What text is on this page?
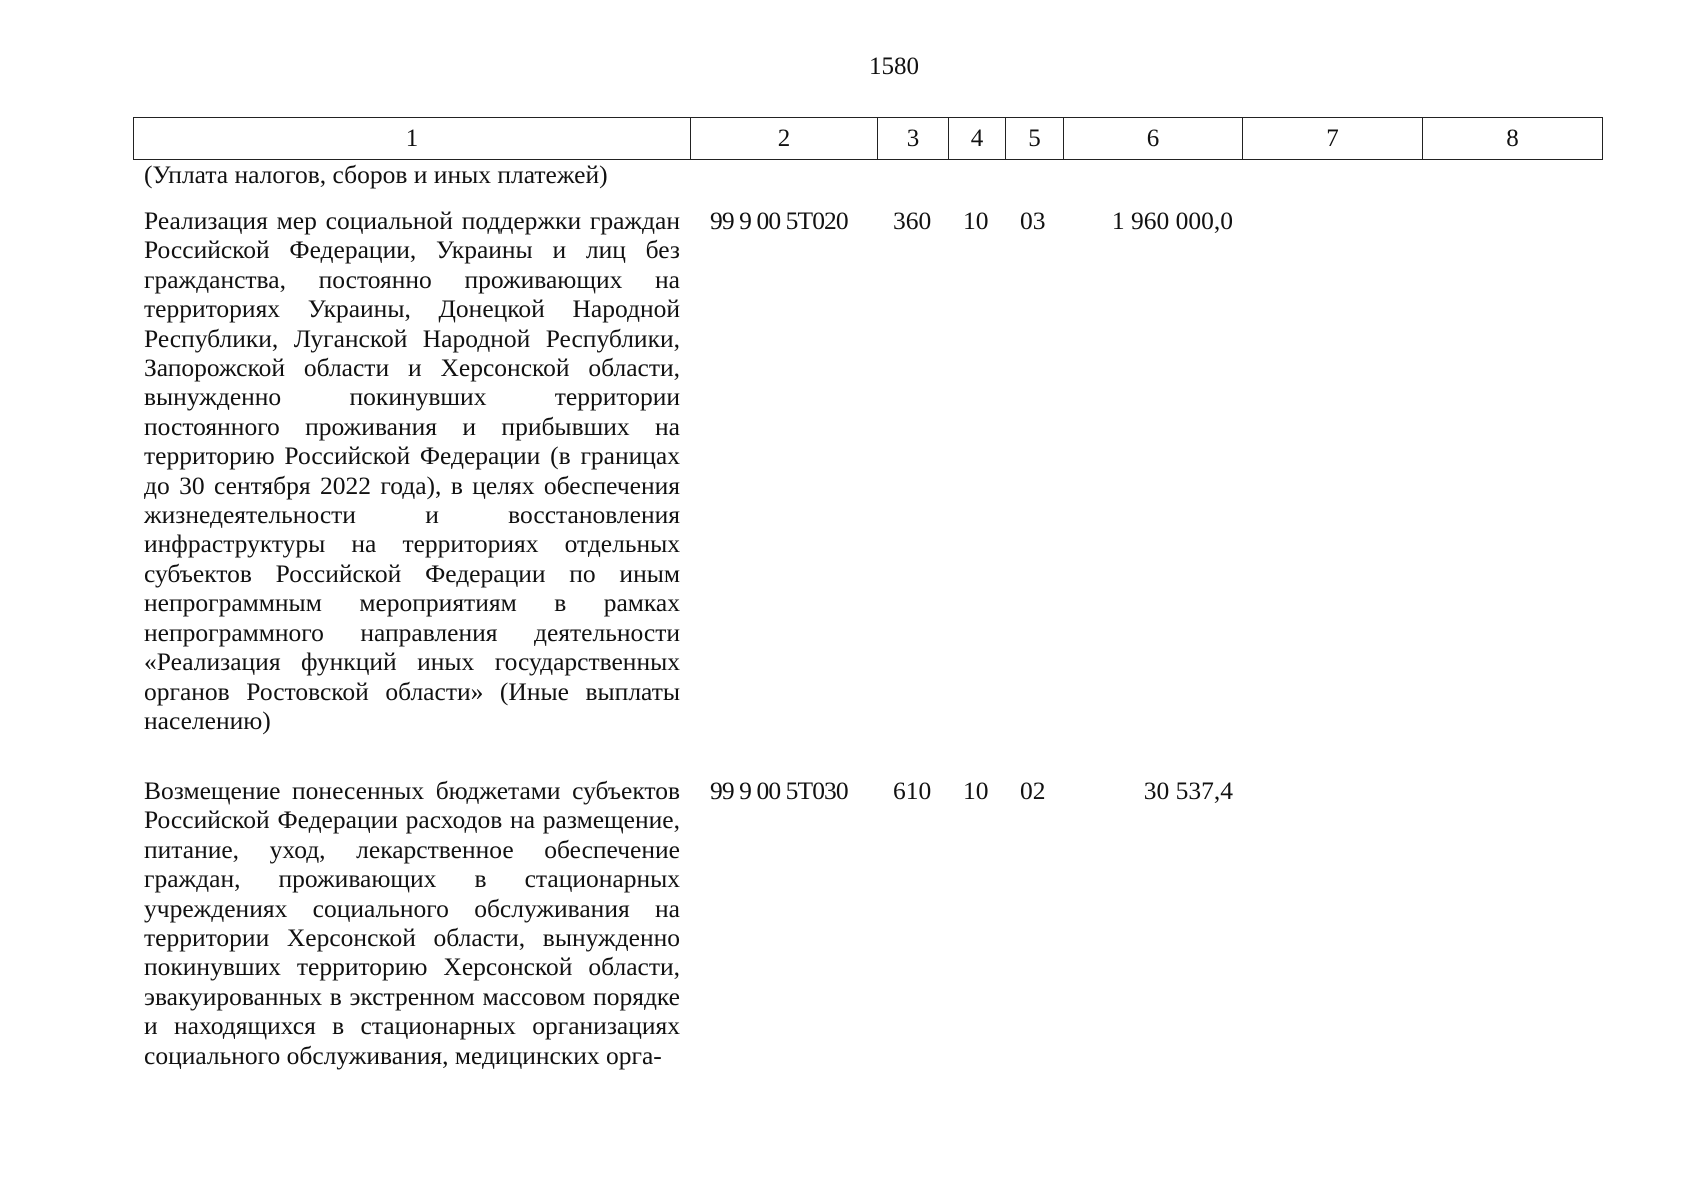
1580
1	2	3	4	5	6	7	8
(Уплата налогов, сборов и иных платежей)
Реализация мер социальной поддержки граждан Российской Федерации, Украины и лиц без гражданства, постоянно проживающих на территориях Украины, Донецкой Народной Республики, Луганской Народной Республики, Запорожской области и Херсонской области, вынужденно покинувших территории постоянного проживания и прибывших на территорию Российской Федерации (в границах до 30 сентября 2022 года), в целях обеспечения жизнедеятельности и восстановления инфраструктуры на территориях отдельных субъектов Российской Федерации по иным непрограммным мероприятиям в рамках непрограммного направления деятельности «Реализация функций иных государственных органов Ростовской области» (Иные выплаты населению)
99 9 00 5Т020	360 10 03	1 960 000,0
Возмещение понесенных бюджетами субъектов Российской Федерации расходов на размещение, питание, уход, лекарственное обеспечение граждан, проживающих в стационарных учреждениях социального обслуживания на территории Херсонской области, вынужденно покинувших территорию Херсонской области, эвакуированных в экстренном массовом порядке и находящихся в стационарных организациях социального обслуживания, медицинских орга-
99 9 00 5Т030	610 10 02	30 537,4
